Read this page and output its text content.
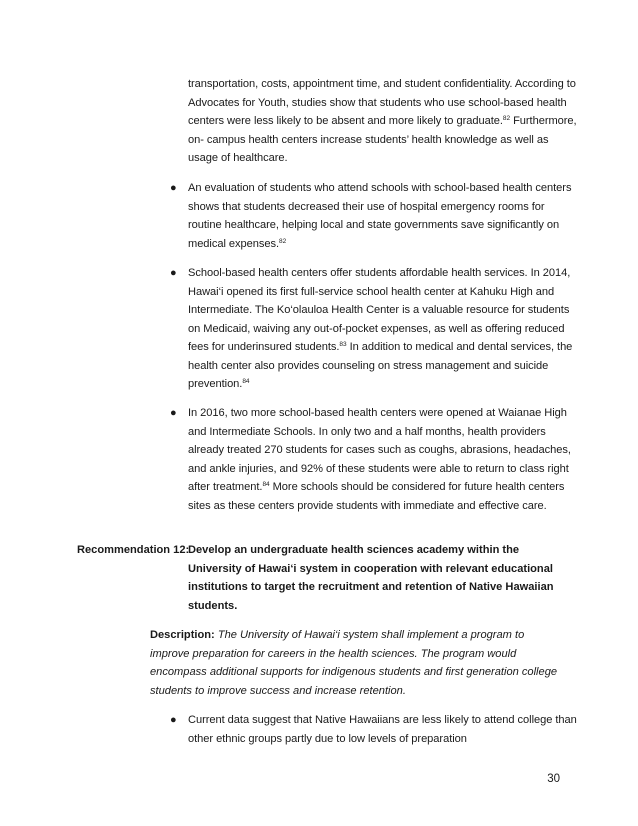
transportation, costs, appointment time, and student confidentiality. According to Advocates for Youth, studies show that students who use school-based health centers were less likely to be absent and more likely to graduate.$^{82}$ Furthermore, on- campus health centers increase students’ health knowledge as well as usage of healthcare.

● An evaluation of students who attend schools with school-based health centers shows that students decreased their use of hospital emergency rooms for routine healthcare, helping local and state governments save significantly on medical expenses.$^{82}$

● School-based health centers offer students affordable health services. In 2014, Hawai‘i opened its first full-service school health center at Kahuku High and Intermediate. The Ko‘olauloa Health Center is a valuable resource for students on Medicaid, waiving any out-of-pocket expenses, as well as offering reduced fees for underinsured students.$^{83}$ In addition to medical and dental services, the health center also provides counseling on stress management and suicide prevention.$^{84}$

● In 2016, two more school-based health centers were opened at Waianae High and Intermediate Schools. In only two and a half months, health providers already treated 270 students for cases such as coughs, abrasions, headaches, and ankle injuries, and 92% of these students were able to return to class right after treatment.$^{84}$ More schools should be considered for future health centers sites as these centers provide students with immediate and effective care.

Recommendation 12:

Develop an undergraduate health sciences academy within the University of Hawai‘i system in cooperation with relevant educational institutions to target the recruitment and retention of Native Hawaiian students.

Description: The University of Hawai‘i system shall implement a program to improve preparation for careers in the health sciences. The program would encompass additional supports for indigenous students and first generation college students to improve success and increase retention.

● Current data suggest that Native Hawaiians are less likely to attend college than other ethnic groups partly due to low levels of preparation

30
